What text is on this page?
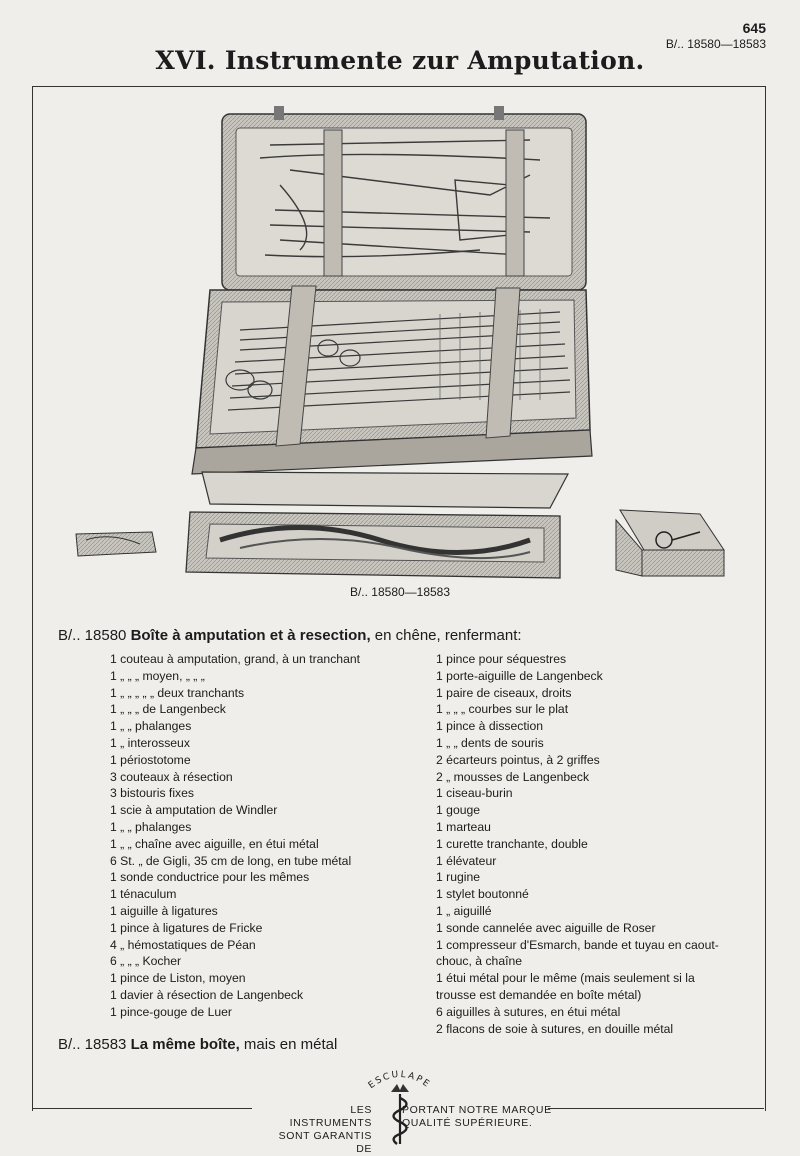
645
B/.. 18580—18583
XVI. Instrumente zur Amputation.
B/.. 18580—18583
B/.. 18580 Boîte à amputation et à resection, en chêne, renfermant:
1 couteau à amputation, grand, à un tranchant
1 „ „ „ moyen, „ „ „
1 „ „ „ „ „ deux tranchants
1 „ „ „ de Langenbeck
1 „ „ phalanges
1 „ interosseux
1 périostotome
3 couteaux à résection
3 bistouris fixes
1 scie à amputation de Windler
1 „ „ phalanges
1 „ „ chaîne avec aiguille, en étui métal
6 St. „ de Gigli, 35 cm de long, en tube métal
1 sonde conductrice pour les mêmes
1 ténaculum
1 aiguille à ligatures
1 pince à ligatures de Fricke
4 „ hémostatiques de Péan
6 „ „ „ Kocher
1 pince de Liston, moyen
1 davier à résection de Langenbeck
1 pince-gouge de Luer
1 pince pour séquestres
1 porte-aiguille de Langenbeck
1 paire de ciseaux, droits
1 „ „ „ courbes sur le plat
1 pince à dissection
1 „ „ dents de souris
2 écarteurs pointus, à 2 griffes
2 „ mousses de Langenbeck
1 ciseau-burin
1 gouge
1 marteau
1 curette tranchante, double
1 élévateur
1 rugine
1 stylet boutonné
1 „ aiguillé
1 sonde cannelée avec aiguille de Roser
1 compresseur d'Esmarch, bande et tuyau en caout-chouc, à chaîne
1 étui métal pour le même (mais seulement si la trousse est demandée en boîte métal)
6 aiguilles à sutures, en étui métal
2 flacons de soie à sutures, en douille métal
B/.. 18583 La même boîte, mais en métal
ESCULAPE
LES INSTRUMENTS
SONT GARANTIS DE
PORTANT NOTRE MARQUE
QUALITÉ SUPÉRIEURE.
